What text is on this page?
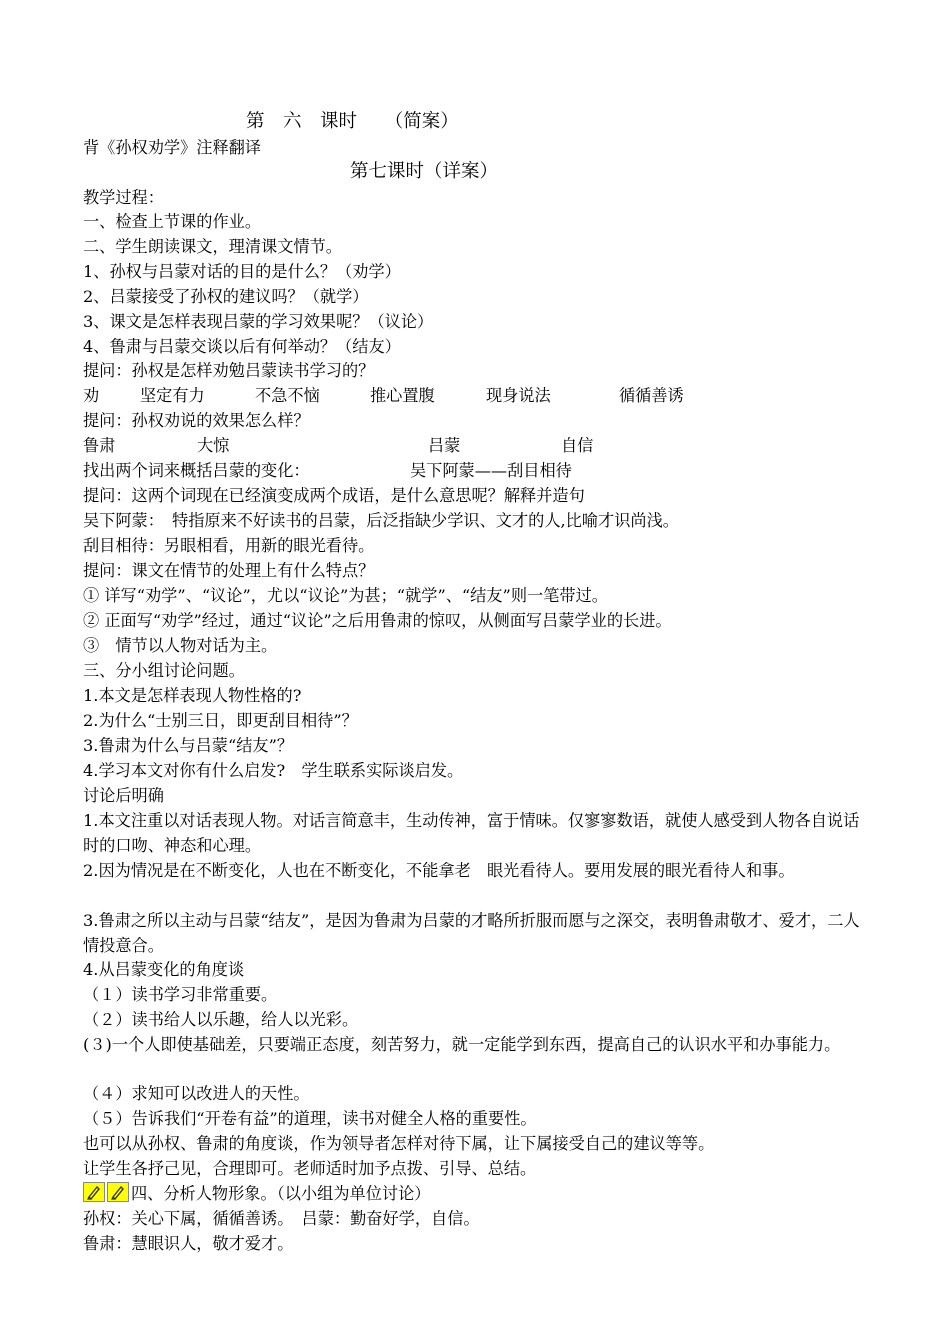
第　六　课时　　（简案）
背《孙权劝学》注释翻译
第七课时（详案）
教学过程：
一、检查上节课的作业。
二、学生朗读课文，理清课文情节。
1、孙权与吕蒙对话的目的是什么？（劝学）
2、吕蒙接受了孙权的建议吗？（就学）
3、课文是怎样表现吕蒙的学习效果呢？（议论）
4、鲁肃与吕蒙交谈以后有何举动？（结友）
提问：孙权是怎样劝勉吕蒙读书学习的？
劝	坚定有力	不急不恼	推心置腹	现身说法	循循善诱
提问：孙权劝说的效果怎么样？
鲁肃	大惊	吕蒙	自信
找出两个词来概括吕蒙的变化：	吴下阿蒙——刮目相待
提问：这两个词现在已经演变成两个成语，是什么意思呢？解释并造句
吴下阿蒙：　特指原来不好读书的吕蒙，后泛指缺少学识、文才的人,比喻才识尚浅。
刮目相待：另眼相看，用新的眼光看待。
提问：课文在情节的处理上有什么特点？
① 详写“劝学”、“议论”，尤以“议论”为甚；“就学”、“结友”则一笔带过。
② 正面写“劝学”经过，通过“议论”之后用鲁肃的惊叹，从侧面写吕蒙学业的长进。
③　情节以人物对话为主。
三、分小组讨论问题。
1.本文是怎样表现人物性格的?
2.为什么“士别三日，即更刮目相待”？
3.鲁肃为什么与吕蒙“结友”？
4.学习本文对你有什么启发?　学生联系实际谈启发。
讨论后明确
1.本文注重以对话表现人物。对话言简意丰，生动传神，富于情味。仅寥寥数语，就使人感受到人物各自说话时的口吻、神态和心理。
2.因为情况是在不断变化，人也在不断变化，不能拿老　眼光看待人。要用发展的眼光看待人和事。
3.鲁肃之所以主动与吕蒙“结友”，是因为鲁肃为吕蒙的才略所折服而愿与之深交，表明鲁肃敬才、爱才，二人情投意合。
4.从吕蒙变化的角度谈
（１）读书学习非常重要。
（２）读书给人以乐趣，给人以光彩。
(３)一个人即使基础差，只要端正态度，刻苦努力，就一定能学到东西，提高自己的认识水平和办事能力。
（４）求知可以改进人的天性。
（５）告诉我们“开卷有益”的道理，读书对健全人格的重要性。
也可以从孙权、鲁肃的角度谈，作为领导者怎样对待下属，让下属接受自己的建议等等。
让学生各抒己见，合理即可。老师适时加予点拨、引导、总结。
四、分析人物形象。（以小组为单位讨论）
孙权：关心下属，循循善诱。　吕蒙：勤奋好学，自信。
鲁肃：慧眼识人，敬才爱才。
